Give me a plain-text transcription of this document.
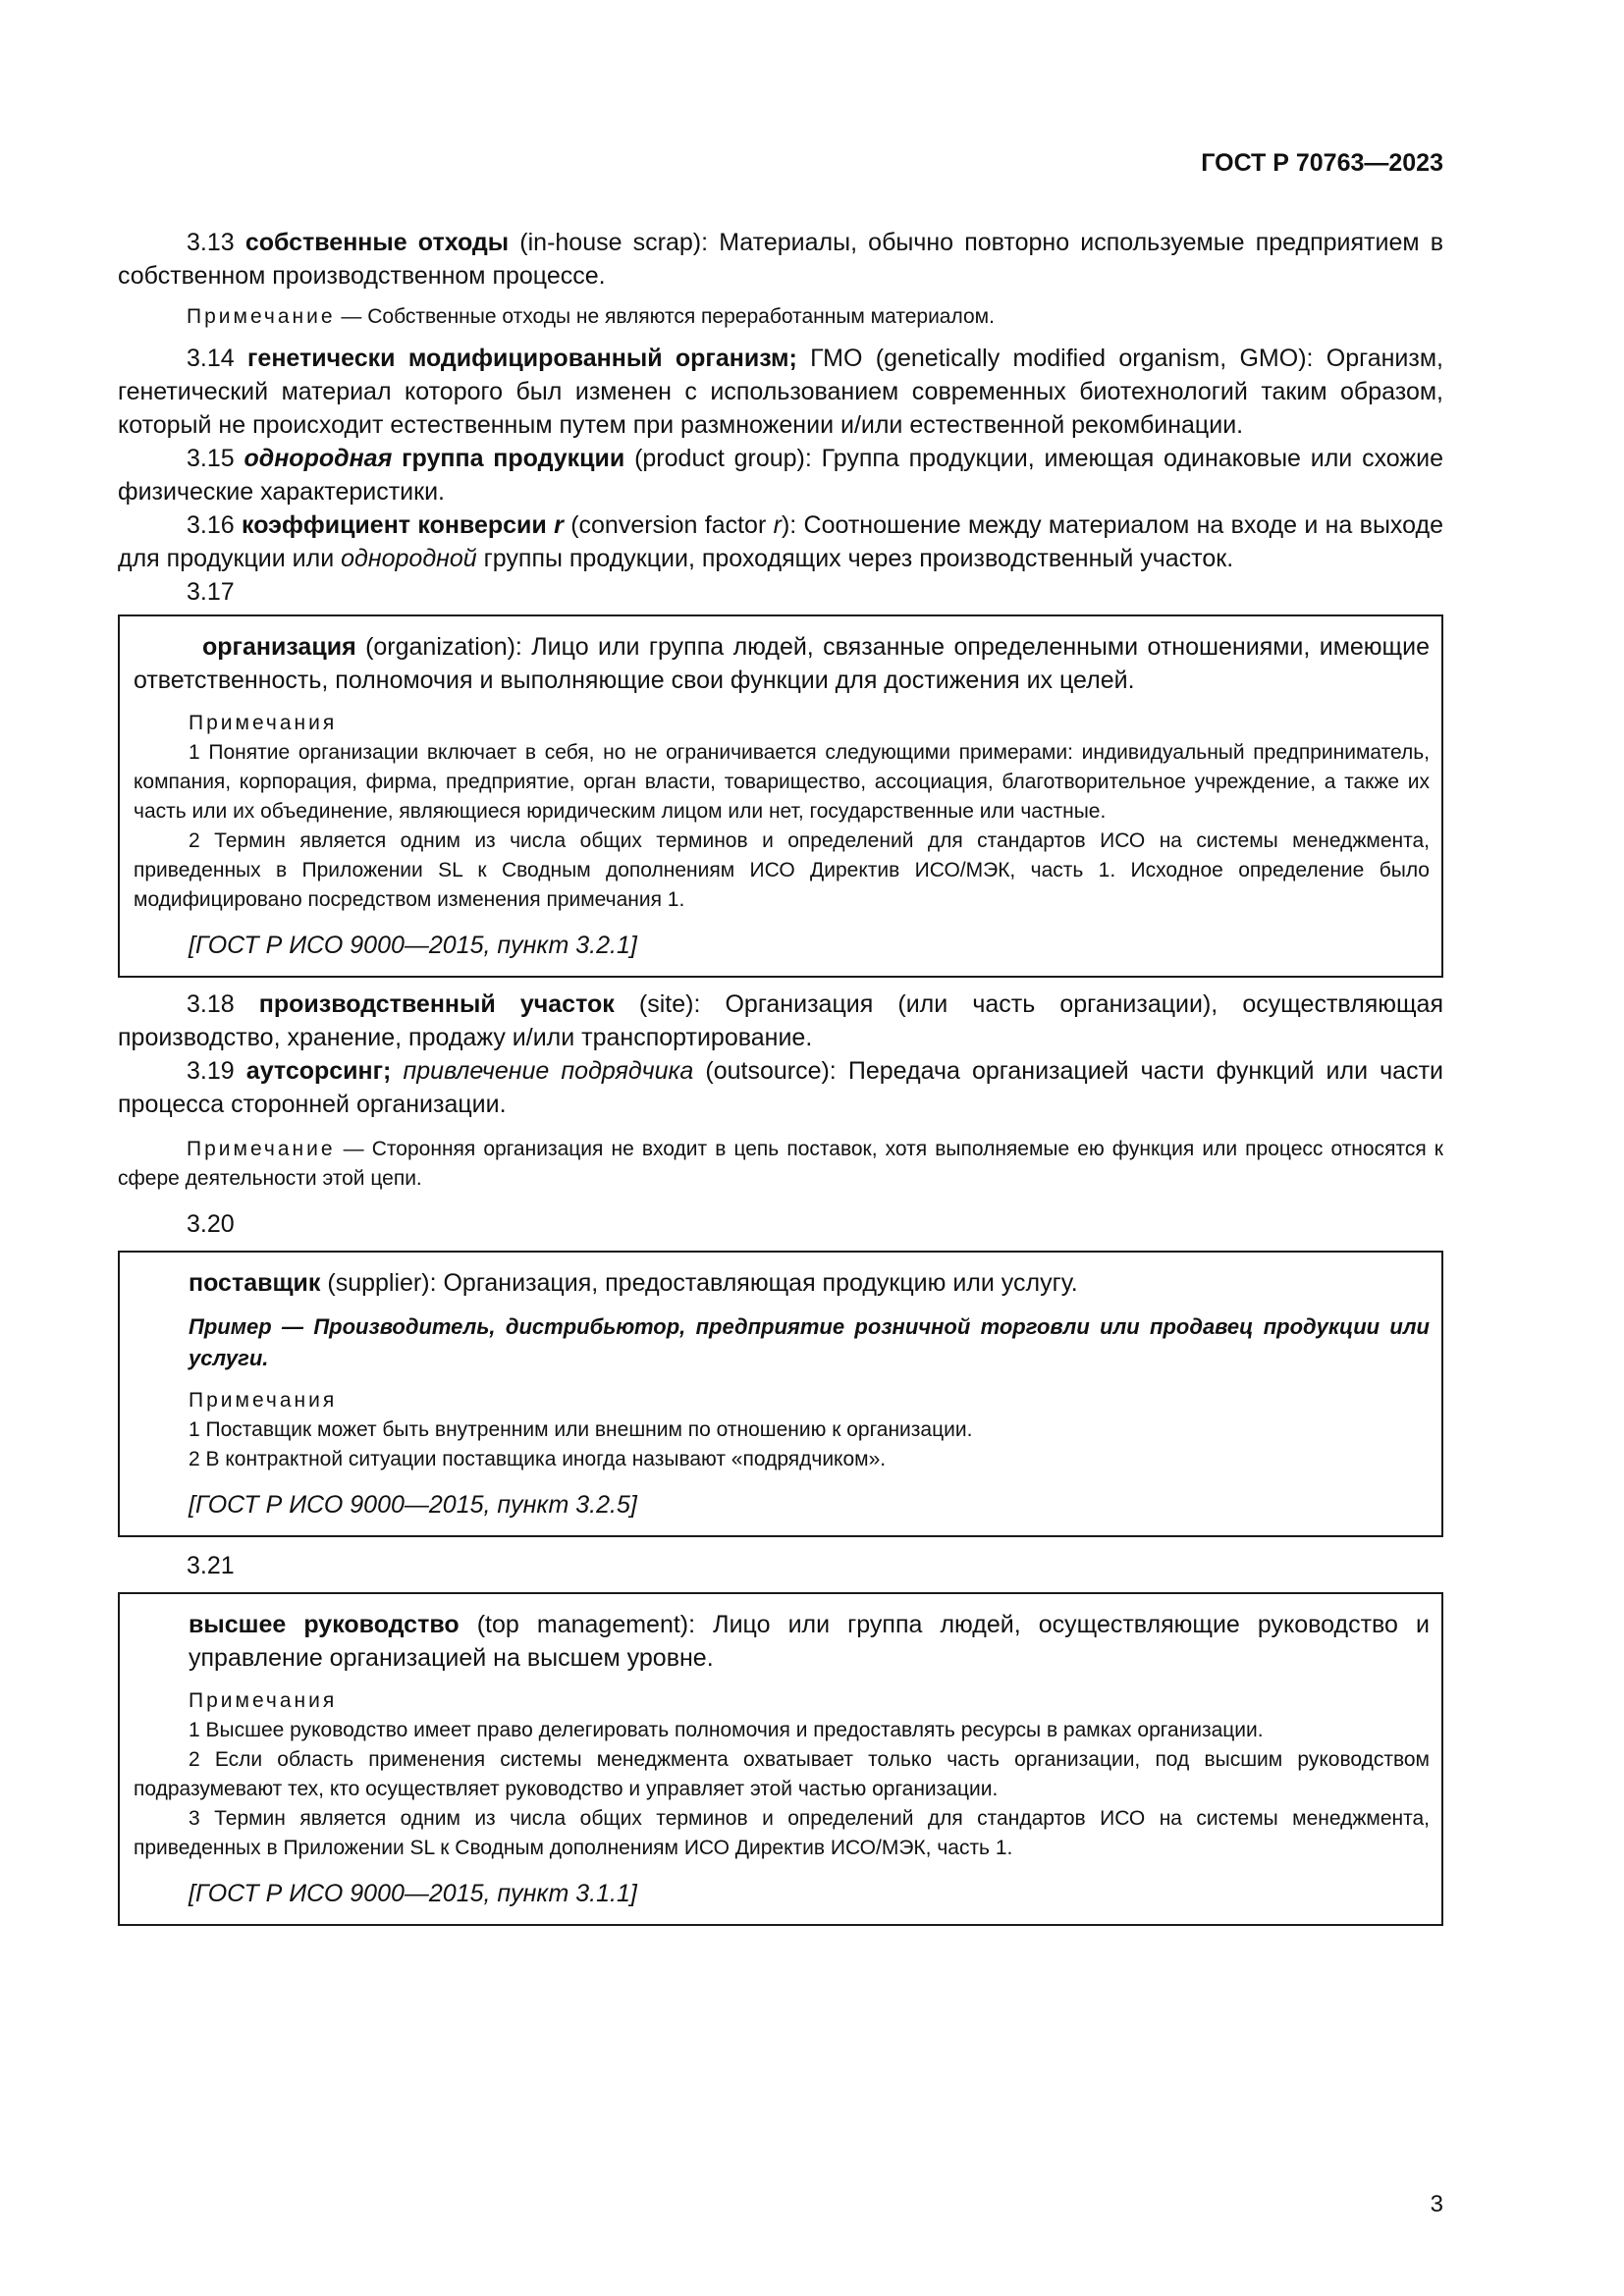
ГОСТ Р 70763—2023

3.13 собственные отходы (in-house scrap): Материалы, обычно повторно используемые предприятием в собственном производственном процессе.

Примечание — Собственные отходы не являются переработанным материалом.

3.14 генетически модифицированный организм; ГМО (genetically modified organism, GMO): Организм, генетический материал которого был изменен с использованием современных биотехнологий таким образом, который не происходит естественным путем при размножении и/или естественной рекомбинации.

3.15 однородная группа продукции (product group): Группа продукции, имеющая одинаковые или схожие физические характеристики.

3.16 коэффициент конверсии r (conversion factor r): Соотношение между материалом на входе и на выходе для продукции или однородной группы продукции, проходящих через производственный участок.

3.17

организация (organization): Лицо или группа людей, связанные определенными отношениями, имеющие ответственность, полномочия и выполняющие свои функции для достижения их целей.

Примечания

1 Понятие организации включает в себя, но не ограничивается следующими примерами: индивидуальный предприниматель, компания, корпорация, фирма, предприятие, орган власти, товарищество, ассоциация, благотворительное учреждение, а также их часть или их объединение, являющиеся юридическим лицом или нет, государственные или частные.

2 Термин является одним из числа общих терминов и определений для стандартов ИСО на системы менеджмента, приведенных в Приложении SL к Сводным дополнениям ИСО Директив ИСО/МЭК, часть 1. Исходное определение было модифицировано посредством изменения примечания 1.

[ГОСТ Р ИСО 9000—2015, пункт 3.2.1]

3.18 производственный участок (site): Организация (или часть организации), осуществляющая производство, хранение, продажу и/или транспортирование.

3.19 аутсорсинг; привлечение подрядчика (outsource): Передача организацией части функций или части процесса сторонней организации.

Примечание — Сторонняя организация не входит в цепь поставок, хотя выполняемые ею функция или процесс относятся к сфере деятельности этой цепи.

3.20

поставщик (supplier): Организация, предоставляющая продукцию или услугу.

Пример — Производитель, дистрибьютор, предприятие розничной торговли или продавец продукции или услуги.

Примечания

1 Поставщик может быть внутренним или внешним по отношению к организации.

2 В контрактной ситуации поставщика иногда называют «подрядчиком».

[ГОСТ Р ИСО 9000—2015, пункт 3.2.5]

3.21

высшее руководство (top management): Лицо или группа людей, осуществляющие руководство и управление организацией на высшем уровне.

Примечания

1 Высшее руководство имеет право делегировать полномочия и предоставлять ресурсы в рамках организации.

2 Если область применения системы менеджмента охватывает только часть организации, под высшим руководством подразумевают тех, кто осуществляет руководство и управляет этой частью организации.

3 Термин является одним из числа общих терминов и определений для стандартов ИСО на системы менеджмента, приведенных в Приложении SL к Сводным дополнениям ИСО Директив ИСО/МЭК, часть 1.

[ГОСТ Р ИСО 9000—2015, пункт 3.1.1]

3
